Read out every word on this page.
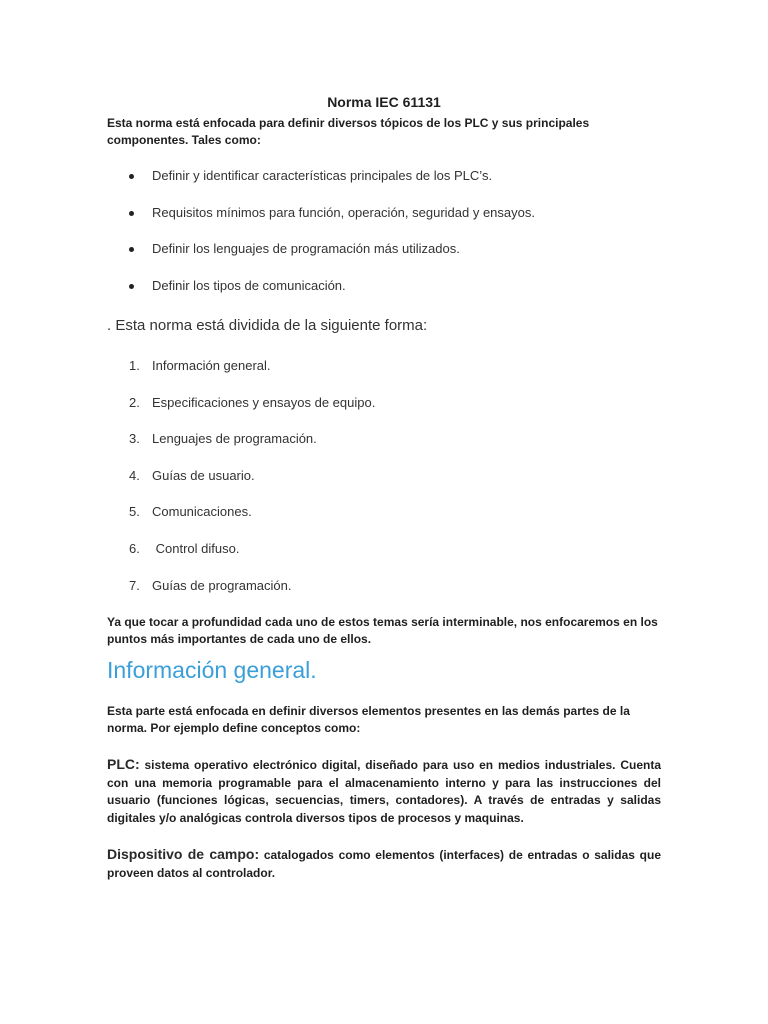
Norma IEC 61131
Esta norma está enfocada para definir diversos tópicos de los PLC y sus principales componentes. Tales como:
Definir y identificar características principales de los PLC’s.
Requisitos mínimos para función, operación, seguridad y ensayos.
Definir los lenguajes de programación más utilizados.
Definir los tipos de comunicación.
. Esta norma está dividida de la siguiente forma:
1. Información general.
2. Especificaciones y ensayos de equipo.
3. Lenguajes de programación.
4. Guías de usuario.
5. Comunicaciones.
6. Control difuso.
7. Guías de programación.
Ya que tocar a profundidad cada uno de estos temas sería interminable, nos enfocaremos en los puntos más importantes de cada uno de ellos.
Información general.
Esta parte está enfocada en definir diversos elementos presentes en las demás partes de la norma. Por ejemplo define conceptos como:
PLC: sistema operativo electrónico digital, diseñado para uso en medios industriales. Cuenta con una memoria programable para el almacenamiento interno y para las instrucciones del usuario (funciones lógicas, secuencias, timers, contadores). A través de entradas y salidas digitales y/o analógicas controla diversos tipos de procesos y maquinas.
Dispositivo de campo: catalogados como elementos (interfaces) de entradas o salidas que proveen datos al controlador.
